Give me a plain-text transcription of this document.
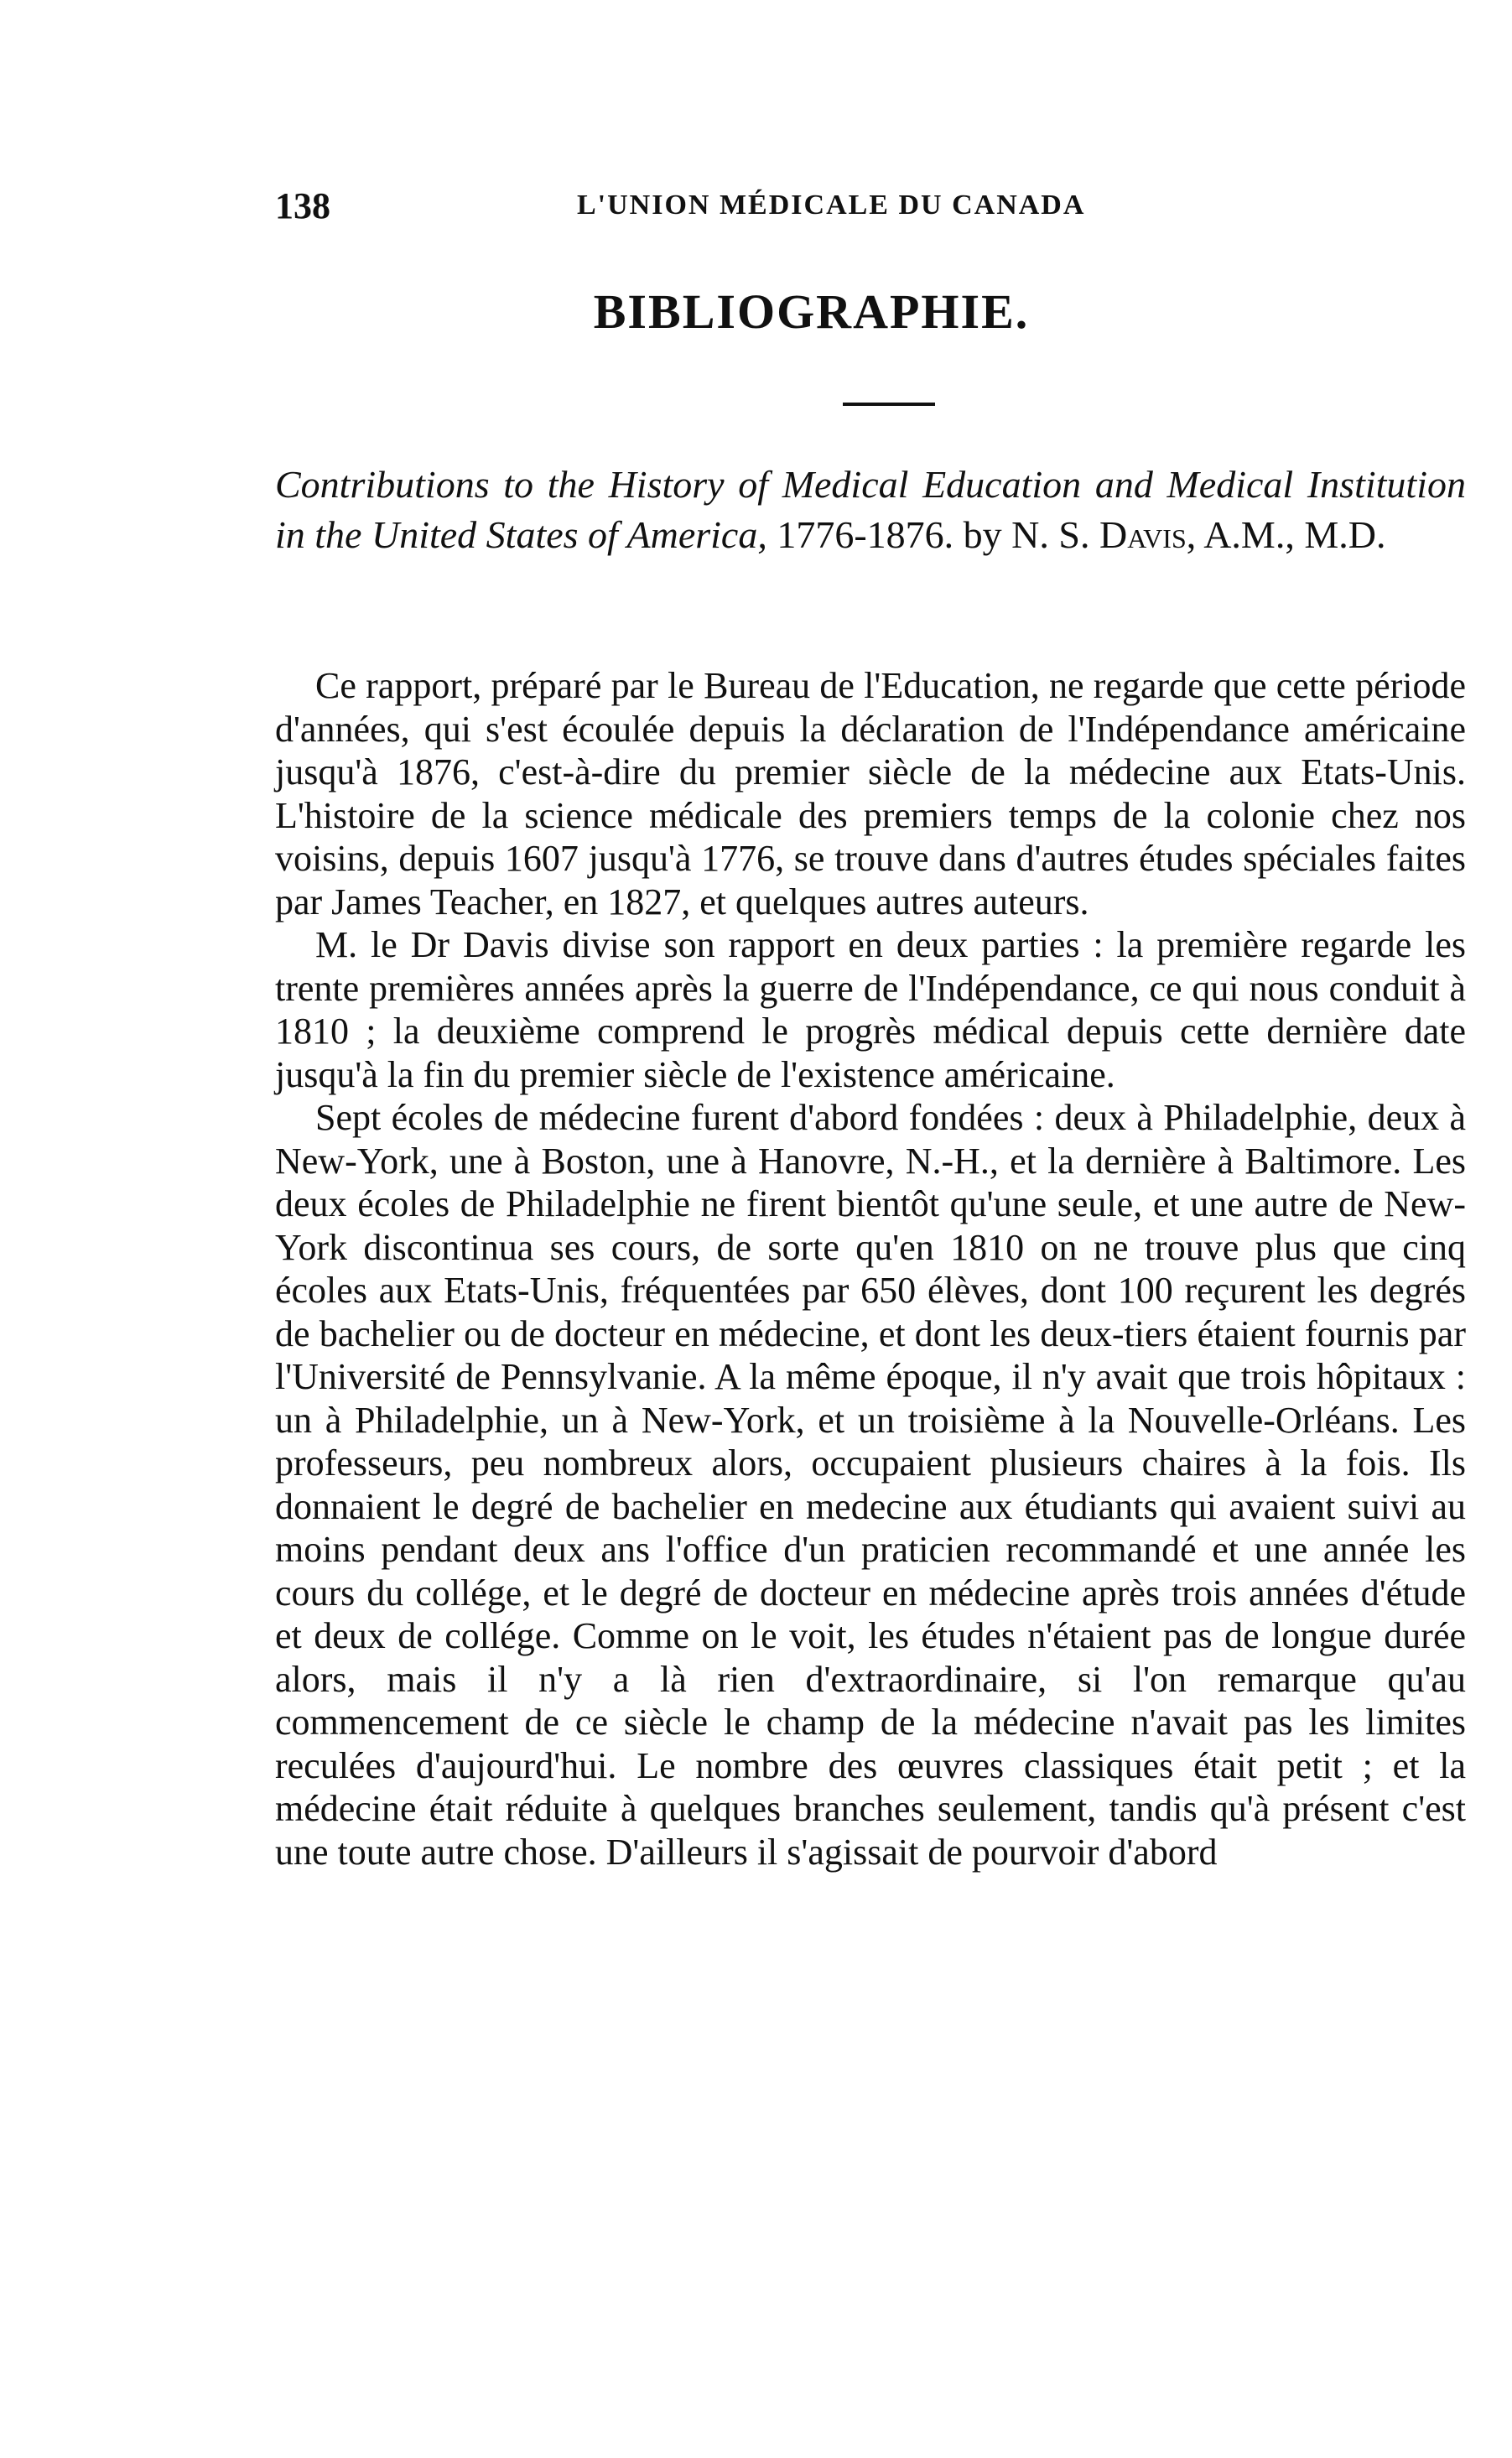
138	L'UNION MÉDICALE DU CANADA
BIBLIOGRAPHIE.
Contributions to the History of Medical Education and Medical Institution in the United States of America, 1776-1876. by N. S. Davis, A.M., M.D.

Ce rapport, préparé par le Bureau de l'Education, ne regarde que cette période d'années, qui s'est écoulée depuis la déclaration de l'Indépendance américaine jusqu'à 1876, c'est-à-dire du premier siècle de la médecine aux Etats-Unis. L'histoire de la science médicale des premiers temps de la colonie chez nos voisins, depuis 1607 jusqu'à 1776, se trouve dans d'autres études spéciales faites par James Teacher, en 1827, et quelques autres auteurs.

M. le Dr Davis divise son rapport en deux parties : la première regarde les trente premières années après la guerre de l'Indépendance, ce qui nous conduit à 1810 ; la deuxième comprend le progrès médical depuis cette dernière date jusqu'à la fin du premier siècle de l'existence américaine.

Sept écoles de médecine furent d'abord fondées : deux à Philadelphie, deux à New-York, une à Boston, une à Hanovre, N.-H., et la dernière à Baltimore. Les deux écoles de Philadelphie ne firent bientôt qu'une seule, et une autre de New-York discontinua ses cours, de sorte qu'en 1810 on ne trouve plus que cinq écoles aux Etats-Unis, fréquentées par 650 élèves, dont 100 reçurent les degrés de bachelier ou de docteur en médecine, et dont les deux-tiers étaient fournis par l'Université de Pennsylvanie. A la même époque, il n'y avait que trois hôpitaux : un à Philadelphie, un à New-York, et un troisième à la Nouvelle-Orléans. Les professeurs, peu nombreux alors, occupaient plusieurs chaires à la fois. Ils donnaient le degré de bachelier en medecine aux étudiants qui avaient suivi au moins pendant deux ans l'office d'un praticien recommandé et une année les cours du collége, et le degré de docteur en médecine après trois années d'étude et deux de collége. Comme on le voit, les études n'étaient pas de longue durée alors, mais il n'y a là rien d'extraordinaire, si l'on remarque qu'au commencement de ce siècle le champ de la médecine n'avait pas les limites reculées d'aujourd'hui. Le nombre des œuvres classiques était petit ; et la médecine était réduite à quelques branches seulement, tandis qu'à présent c'est une toute autre chose. D'ailleurs il s'agissait de pourvoir d'abord
